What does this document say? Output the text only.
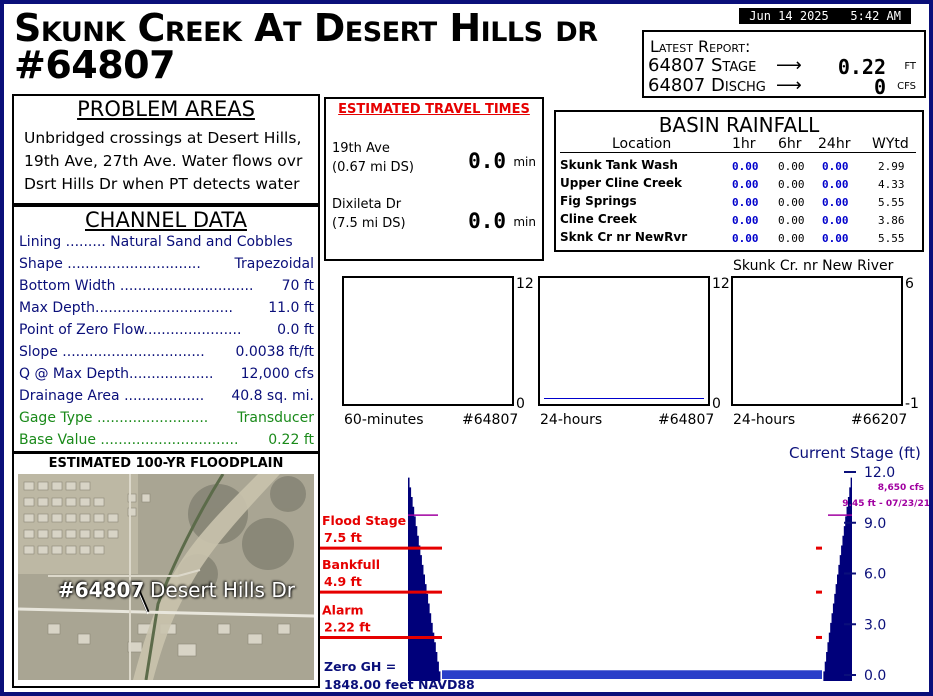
Skunk Creek At Desert Hills dr #64807
Jun 14 2025   5:42 AM
Latest Report:
64807 Stage ⟶ 0.22 FT
64807 Dischg ⟶	0 CFS
PROBLEM AREAS
Unbridged crossings at Desert Hills, 19th Ave, 27th Ave. Water flows ovr Dsrt Hills Dr when PT detects water
CHANNEL DATA
Lining ......... Natural Sand and Cobbles
Shape ..............................	Trapezoidal
Bottom Width ..............................	70 ft
Max Depth...............................	11.0 ft
Point of Zero Flow......................	0.0 ft
Slope ................................	0.0038 ft/ft
Q @ Max Depth...................	12,000 cfs
Drainage Area ..................	40.8 sq. mi.
Gage Type .........................	Transducer
Base Value ...............................	0.22 ft
ESTIMATED 100-YR FLOODPLAIN
#64807 Desert Hills Dr
ESTIMATED TRAVEL TIMES
19th Ave
(0.67 mi DS)	0.0 min
Dixileta Dr
(7.5 mi DS)	0.0 min
BASIN RAINFALL
Location	1hr 6hr 24hr WYtd
Skunk Tank Wash	0.00 0.00 0.00	2.99
Upper Cline Creek	0.00 0.00 0.00	4.33
Fig Springs	0.00 0.00 0.00	5.55
Cline Creek	0.00 0.00 0.00	3.86
Sknk Cr nr NewRvr	0.00 0.00 0.00	5.55
12
0
60-minutes	#64807
12
0
24-hours	#64807
6
-1
24-hours	#66207
Skunk Cr. nr New River
Flood Stage
7.5 ft
Bankfull
4.9 ft
Alarm
2.22 ft
8,650 cfs
9.45 ft - 07/23/21
Zero GH =
1848.00 feet NAVD88
Current Stage (ft)
12.0
9.0
6.0
3.0
0.0
